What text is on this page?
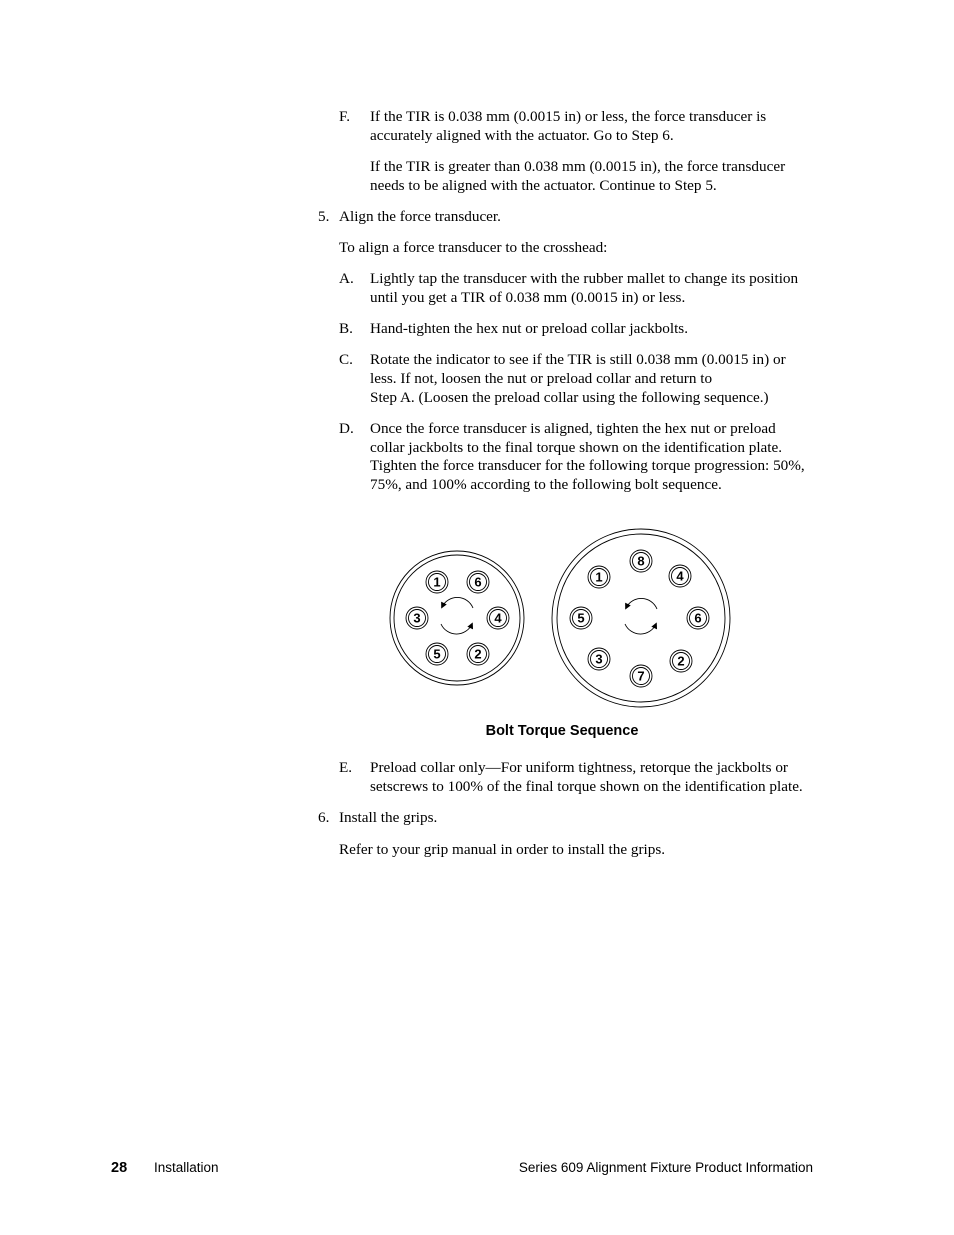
F. If the TIR is 0.038 mm (0.0015 in) or less, the force transducer is
accurately aligned with the actuator. Go to Step 6.
If the TIR is greater than 0.038 mm (0.0015 in), the force transducer
needs to be aligned with the actuator. Continue to Step 5.
5. Align the force transducer.
To align a force transducer to the crosshead:
A. Lightly tap the transducer with the rubber mallet to change its position
until you get a TIR of 0.038 mm (0.0015 in) or less.
B. Hand-tighten the hex nut or preload collar jackbolts.
C. Rotate the indicator to see if the TIR is still 0.038 mm (0.0015 in) or
less. If not, loosen the nut or preload collar and return to
Step A. (Loosen the preload collar using the following sequence.)
D. Once the force transducer is aligned, tighten the hex nut or preload
collar jackbolts to the final torque shown on the identification plate.
Tighten the force transducer for the following torque progression: 50%,
75%, and 100% according to the following bolt sequence.
1	6
3	4
5	2
8
1	4
5	6
3	2
7
Bolt Torque Sequence
E. Preload collar only—For uniform tightness, retorque the jackbolts or
setscrews to 100% of the final torque shown on the identification plate.
6. Install the grips.
Refer to your grip manual in order to install the grips.
28 Installation	Series 609 Alignment Fixture Product Information
